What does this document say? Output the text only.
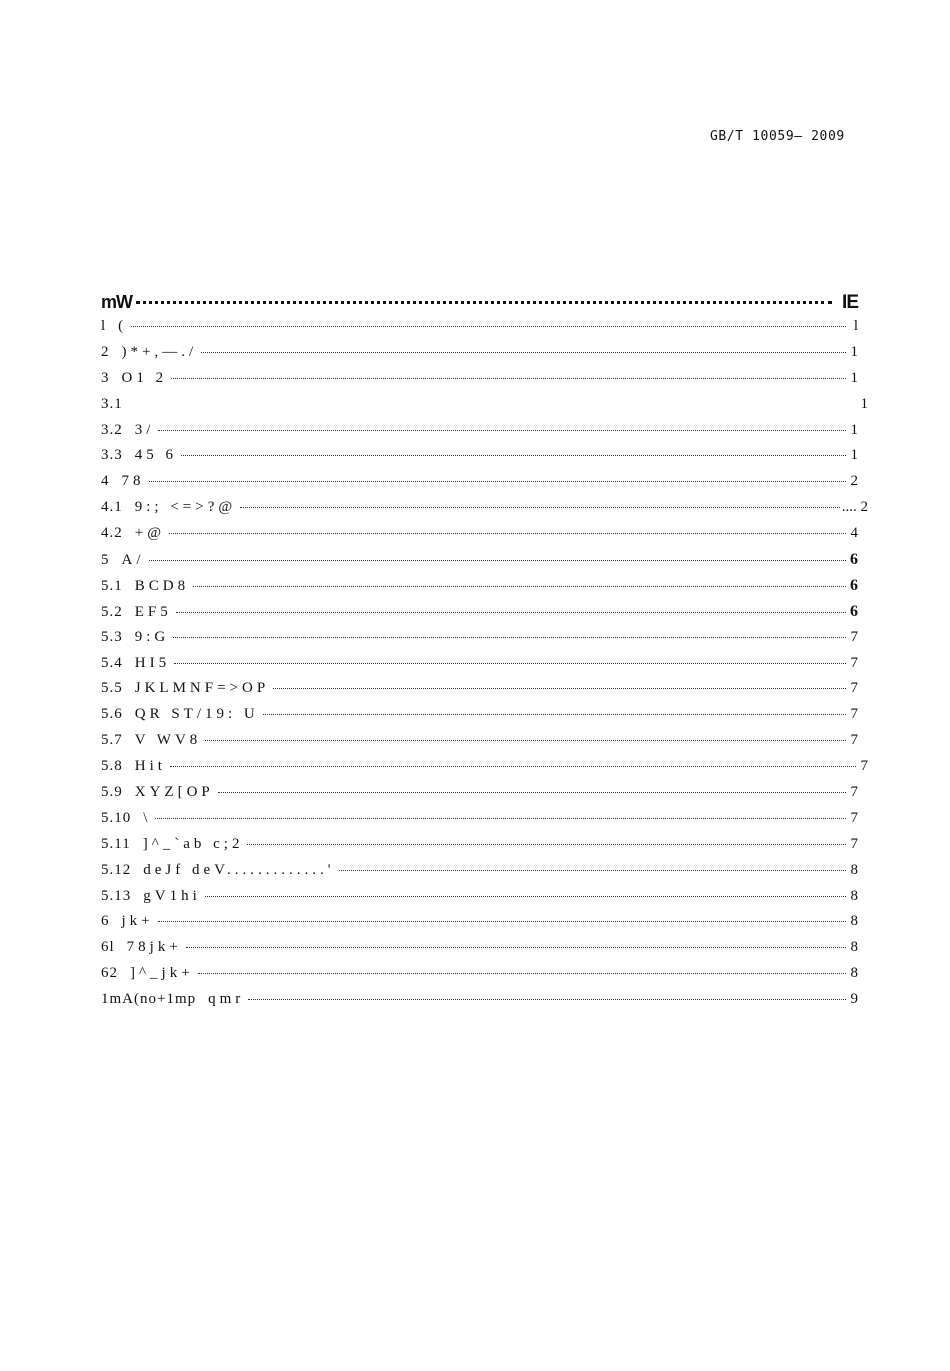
GB/T 10059— 2009
mW	IE
l (	l
2 )*+,—./	1
3 O1 2	1
3.1	1
3.2 3/	1
3.3 45 6	1
4 78	2
4.1 9:; <=>?@	.... 2
4.2 +@	4
5 A/	6
5.1 BCD8	6
5.2 EF5	6
5.3 9:G	7
5.4 HI5	7
5.5 JKLMNF=>OP	7
5.6 QR ST/19: U	7
5.7 V WV8	7
5.8 Hit	7
5.9 XYZ[OP	7
5.10 \	7
5.11 ]^_`ab c;2	7
5.12 deJf deV.............'	8
5.13 gV1hi	8
6 jk+	8
6l 78jk+	8
62 ]^_jk+	8
1mA(no+1mp qmr	9
